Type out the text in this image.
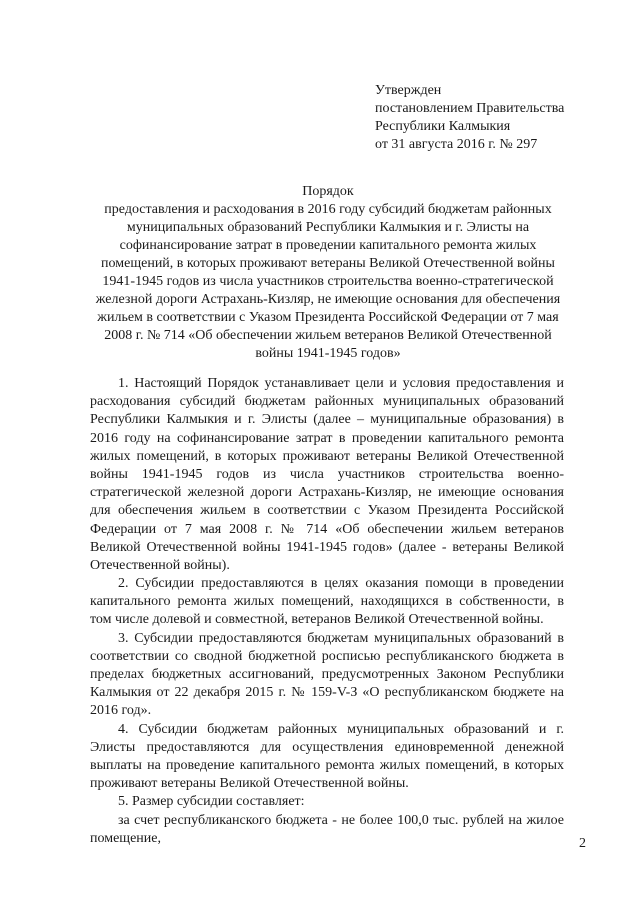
Утвержден
постановлением Правительства
Республики Калмыкия
от 31 августа 2016 г. № 297
Порядок
предоставления и расходования в 2016 году субсидий бюджетам районных
муниципальных образований Республики Калмыкия и г. Элисты на
софинансирование затрат в проведении капитального ремонта жилых
помещений, в которых проживают ветераны Великой Отечественной войны
1941-1945 годов из числа участников строительства военно-стратегической
железной дороги Астрахань-Кизляр, не имеющие основания для обеспечения
жильем в соответствии с Указом Президента Российской Федерации от 7 мая
2008 г. № 714 «Об обеспечении жильем ветеранов Великой Отечественной
войны 1941-1945 годов»
1. Настоящий Порядок устанавливает цели и условия предоставления и
расходования субсидий бюджетам районных муниципальных образований
Республики Калмыкия и г. Элисты (далее – муниципальные образования) в
2016 году на софинансирование затрат в проведении капитального ремонта
жилых помещений, в которых проживают ветераны Великой Отечественной
войны 1941-1945 годов из числа участников строительства военно-
стратегической железной дороги Астрахань-Кизляр, не имеющие основания
для обеспечения жильем в соответствии с Указом Президента Российской
Федерации от 7 мая 2008 г. № 714 «Об обеспечении жильем ветеранов
Великой Отечественной войны 1941-1945 годов» (далее - ветераны Великой
Отечественной войны).
2. Субсидии предоставляются в целях оказания помощи в проведении
капитального ремонта жилых помещений, находящихся в собственности, в
том числе долевой и совместной, ветеранов Великой Отечественной войны.
3. Субсидии предоставляются бюджетам муниципальных образований в
соответствии со сводной бюджетной росписью республиканского бюджета в
пределах бюджетных ассигнований, предусмотренных Законом Республики
Калмыкия от 22 декабря 2015 г. № 159-V-З «О республиканском бюджете на
2016 год».
4. Субсидии бюджетам районных муниципальных образований и г.
Элисты предоставляются для осуществления единовременной денежной
выплаты на проведение капитального ремонта жилых помещений, в которых
проживают ветераны Великой Отечественной войны.
5. Размер субсидии составляет:
за счет республиканского бюджета - не более 100,0 тыс. рублей на жилое
помещение,	2
